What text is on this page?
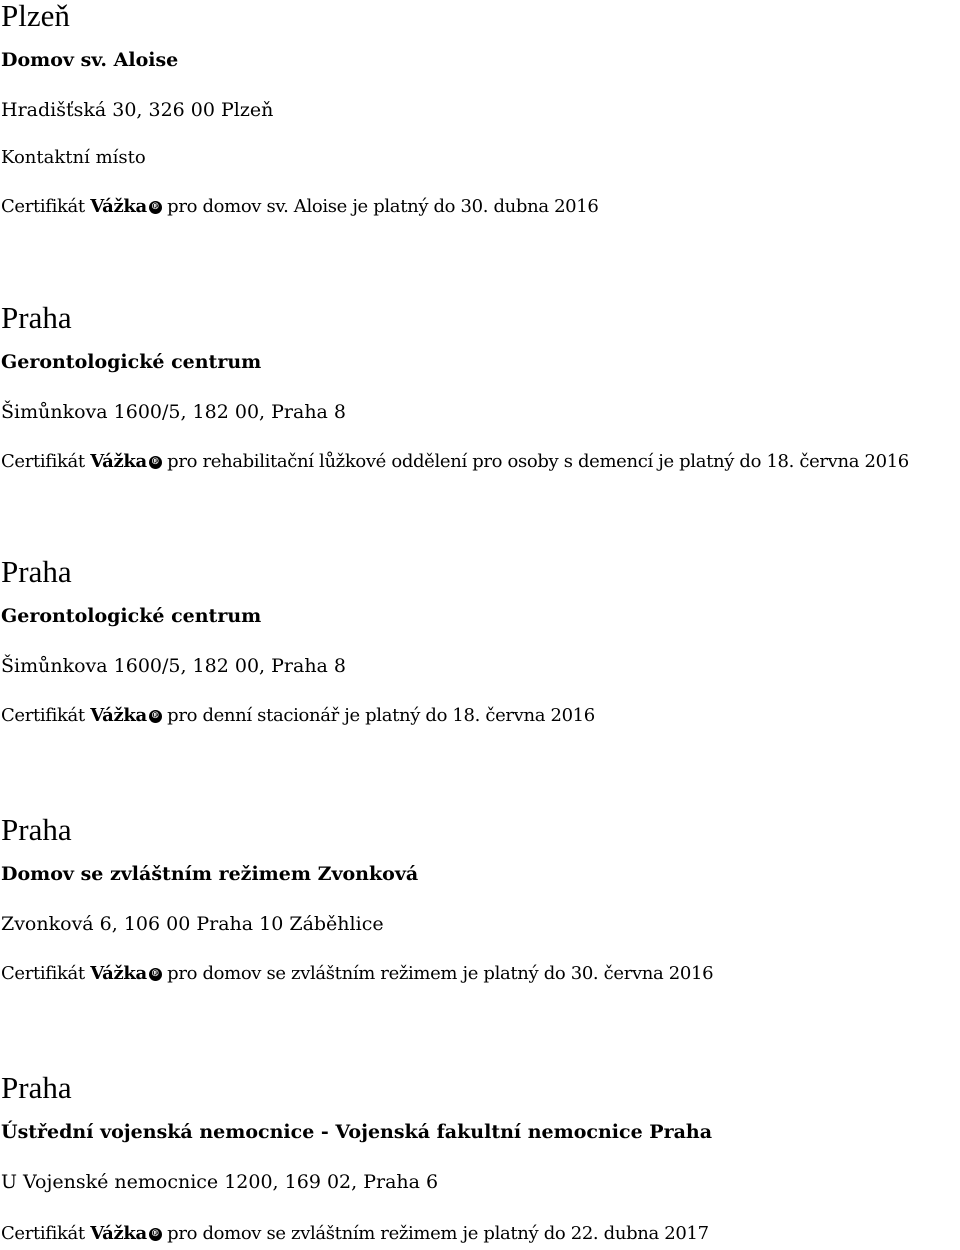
Plzeň
Domov sv. Aloise
Hradišťská 30, 326 00 Plzeň
Kontaktní místo
Certifikát Vážka ® pro domov sv. Aloise je platný do 30. dubna 2016
Praha
Gerontologické centrum
Šimůnkova 1600/5, 182 00, Praha 8
Certifikát Vážka ® pro rehabilitační lůžkové oddělení pro osoby s demencí je platný do 18. června 2016
Praha
Gerontologické centrum
Šimůnkova 1600/5, 182 00, Praha 8
Certifikát Vážka ® pro denní stacionář je platný do 18. června 2016
Praha
Domov se zvláštním režimem Zvonková
Zvonková 6, 106 00 Praha 10 Záběhlice
Certifikát Vážka ® pro domov se zvláštním režimem je platný do 30. června 2016
Praha
Ústřední vojenská nemocnice - Vojenská fakultní nemocnice Praha
U Vojenské nemocnice 1200, 169 02, Praha 6
Certifikát Vážka ® pro domov se zvláštním režimem je platný do 22. dubna 2017
